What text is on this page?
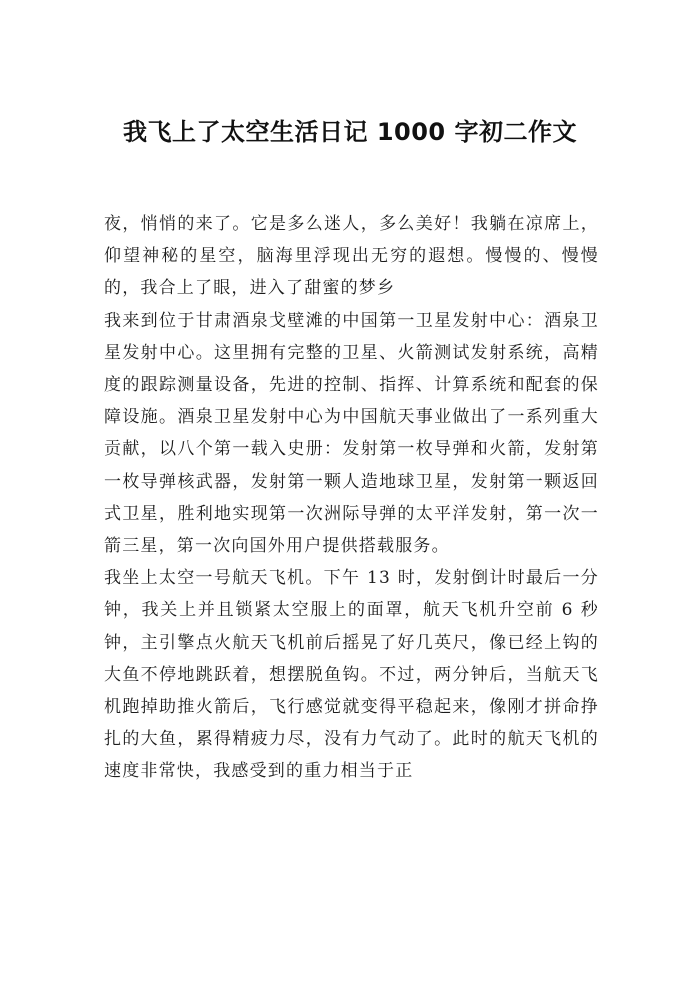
我飞上了太空生活日记 1000 字初二作文

夜，悄悄的来了。它是多么迷人，多么美好！我躺在凉席上，仰望神秘的星空，脑海里浮现出无穷的遐想。慢慢的、慢慢的，我合上了眼，进入了甜蜜的梦乡

我来到位于甘肃酒泉戈壁滩的中国第一卫星发射中心：酒泉卫星发射中心。这里拥有完整的卫星、火箭测试发射系统，高精度的跟踪测量设备，先进的控制、指挥、计算系统和配套的保障设施。酒泉卫星发射中心为中国航天事业做出了一系列重大贡献，以八个第一载入史册：发射第一枚导弹和火箭，发射第一枚导弹核武器，发射第一颗人造地球卫星，发射第一颗返回式卫星，胜利地实现第一次洲际导弹的太平洋发射，第一次一箭三星，第一次向国外用户提供搭载服务。

我坐上太空一号航天飞机。下午 13 时，发射倒计时最后一分钟，我关上并且锁紧太空服上的面罩，航天飞机升空前 6 秒钟，主引擎点火航天飞机前后摇晃了好几英尺，像已经上钩的大鱼不停地跳跃着，想摆脱鱼钩。不过，两分钟后，当航天飞机跑掉助推火箭后，飞行感觉就变得平稳起来，像刚才拼命挣扎的大鱼，累得精疲力尽，没有力气动了。此时的航天飞机的速度非常快，我感受到的重力相当于正
